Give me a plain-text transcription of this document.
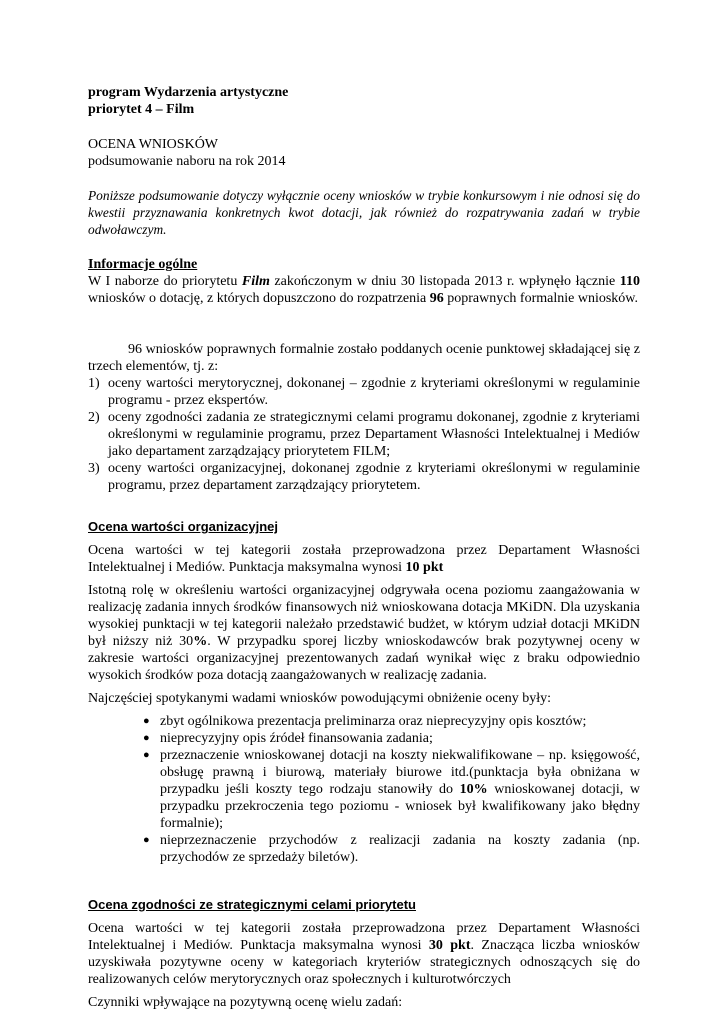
program Wydarzenia artystyczne

priorytet 4 – Film

OCENA WNIOSKÓW

podsumowanie naboru na rok 2014

Poniższe podsumowanie dotyczy wyłącznie oceny wniosków w trybie konkursowym i nie odnosi się do kwestii przyznawania konkretnych kwot dotacji, jak również do rozpatrywania zadań w trybie odwoławczym.

Informacje ogólne

W I naborze do priorytetu Film zakończonym w dniu 30 listopada 2013 r. wpłynęło łącznie 110 wniosków o dotację, z których dopuszczono do rozpatrzenia 96 poprawnych formalnie wniosków.

96 wniosków poprawnych formalnie zostało poddanych ocenie punktowej składającej się z trzech elementów, tj. z:

1) oceny wartości merytorycznej, dokonanej – zgodnie z kryteriami określonymi w regulaminie programu - przez ekspertów.
2) oceny zgodności zadania ze strategicznymi celami programu dokonanej, zgodnie z kryteriami określonymi w regulaminie programu, przez Departament Własności Intelektualnej i Mediów jako departament zarządzający priorytetem FILM;
3) oceny wartości organizacyjnej, dokonanej zgodnie z kryteriami określonymi w regulaminie programu, przez departament zarządzający priorytetem.

Ocena wartości organizacyjnej

Ocena wartości w tej kategorii została przeprowadzona przez Departament Własności Intelektualnej i Mediów. Punktacja maksymalna wynosi 10 pkt

Istotną rolę w określeniu wartości organizacyjnej odgrywała ocena poziomu zaangażowania w realizację zadania innych środków finansowych niż wnioskowana dotacja MKiDN. Dla uzyskania wysokiej punktacji w tej kategorii należało przedstawić budżet, w którym udział dotacji MKiDN był niższy niż 30%. W przypadku sporej liczby wnioskodawców brak pozytywnej oceny w zakresie wartości organizacyjnej prezentowanych zadań wynikał więc z braku odpowiednio wysokich środków poza dotacją zaangażowanych w realizację zadania.

Najczęściej spotykanymi wadami wniosków powodującymi obniżenie oceny były:

● zbyt ogólnikowa prezentacja preliminarza oraz nieprecyzyjny opis kosztów;
● nieprecyzyjny opis źródeł finansowania zadania;
● przeznaczenie wnioskowanej dotacji na koszty niekwalifikowane – np. księgowość, obsługę prawną i biurową, materiały biurowe itd.(punktacja była obniżana w przypadku jeśli koszty tego rodzaju stanowiły do 10% wnioskowanej dotacji, w przypadku przekroczenia tego poziomu - wniosek był kwalifikowany jako błędny formalnie);
● nieprzeznaczenie przychodów z realizacji zadania na koszty zadania (np. przychodów ze sprzedaży biletów).

Ocena zgodności ze strategicznymi celami priorytetu

Ocena wartości w tej kategorii została przeprowadzona przez Departament Własności Intelektualnej i Mediów. Punktacja maksymalna wynosi 30 pkt. Znacząca liczba wniosków uzyskiwała pozytywne oceny w kategoriach kryteriów strategicznych odnoszących się do realizowanych celów merytorycznych oraz społecznych i kulturotwórczych

Czynniki wpływające na pozytywną ocenę wielu zadań:
